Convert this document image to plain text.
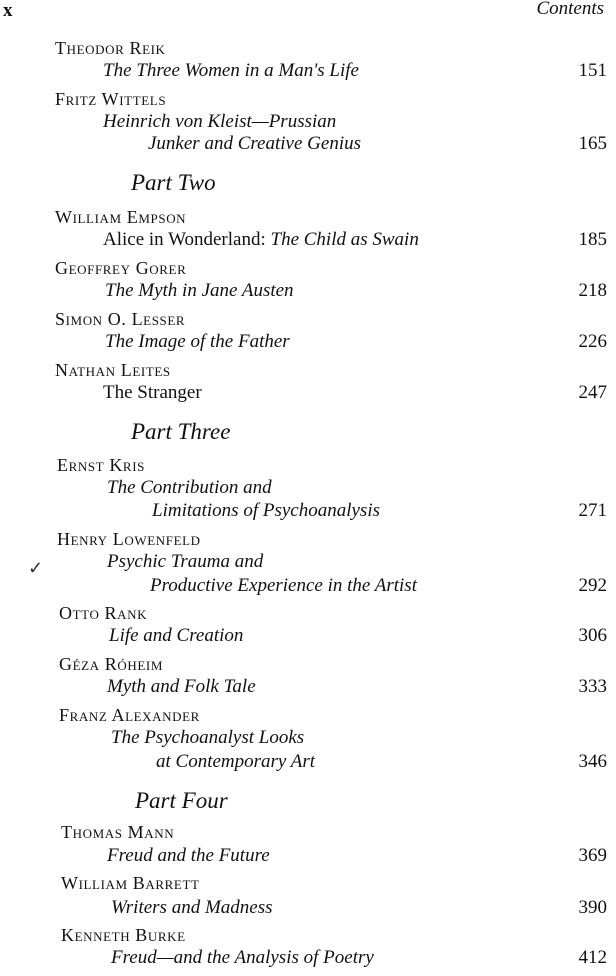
x	Contents
Theodor Reik
The Three Women in a Man's Life	151
Fritz Wittels
Heinrich von Kleist—Prussian
Junker and Creative Genius	165
Part Two
William Empson
Alice in Wonderland: The Child as Swain	185
Geoffrey Gorer
The Myth in Jane Austen	218
Simon O. Lesser
The Image of the Father	226
Nathan Leites
The Stranger	247
Part Three
Ernst Kris
The Contribution and
Limitations of Psychoanalysis	271
Henry Lowenfeld
Psychic Trauma and
Productive Experience in the Artist	292
✓
Otto Rank
Life and Creation	306
Géza Róheim
Myth and Folk Tale	333
Franz Alexander
The Psychoanalyst Looks
at Contemporary Art	346
Part Four
Thomas Mann
Freud and the Future	369
William Barrett
Writers and Madness	390
Kenneth Burke
Freud—and the Analysis of Poetry	412
